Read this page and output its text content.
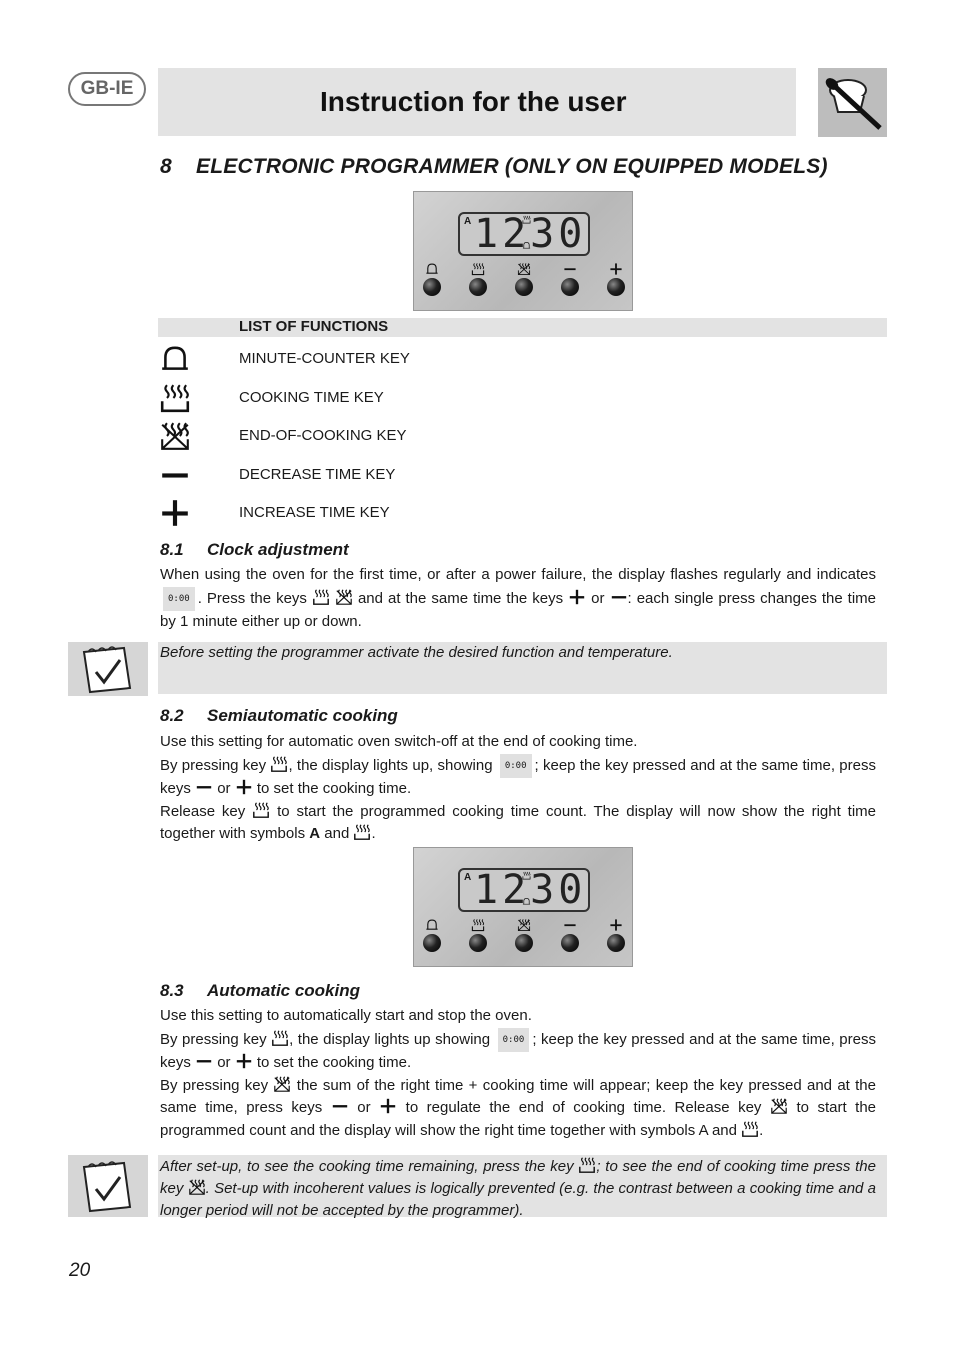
GB-IE	Instruction for the user
8 ELECTRONIC PROGRAMMER (ONLY ON EQUIPPED MODELS)
A 1230
LIST OF FUNCTIONS
MINUTE-COUNTER KEY
COOKING TIME KEY
END-OF-COOKING KEY
DECREASE TIME KEY
INCREASE TIME KEY
8.1 Clock adjustment

When using the oven for the first time, or after a power failure, the display flashes regularly and indicates 0:00 . Press the keys	and at the same time the keys or : each single press changes the time by 1 minute either up or down.

Before setting the programmer activate the desired function and temperature.
8.2 Semiautomatic cooking

Use this setting for automatic oven switch-off at the end of cooking time.

By pressing key , the display lights up, showing 0:00 ; keep the key pressed and at the same time, press keys or to set the cooking time.

Release key to start the programmed cooking time count. The display will now show the right time together with symbols A and .

A 1230
8.3 Automatic cooking

Use this setting to automatically start and stop the oven.

By pressing key , the display lights up showing 0:00 ; keep the key pressed and at the same time, press keys or to set the cooking time.

By pressing key the sum of the right time + cooking time will appear; keep the key pressed and at the same time, press keys or to regulate the end of cooking time. Release key to start the programmed count and the display will show the right time together with symbols A and .

After set-up, to see the cooking time remaining, press the key ; to see the end of cooking time press the key . Set-up with incoherent values is logically prevented (e.g. the contrast between a cooking time and a longer period will not be accepted by the programmer).
20
